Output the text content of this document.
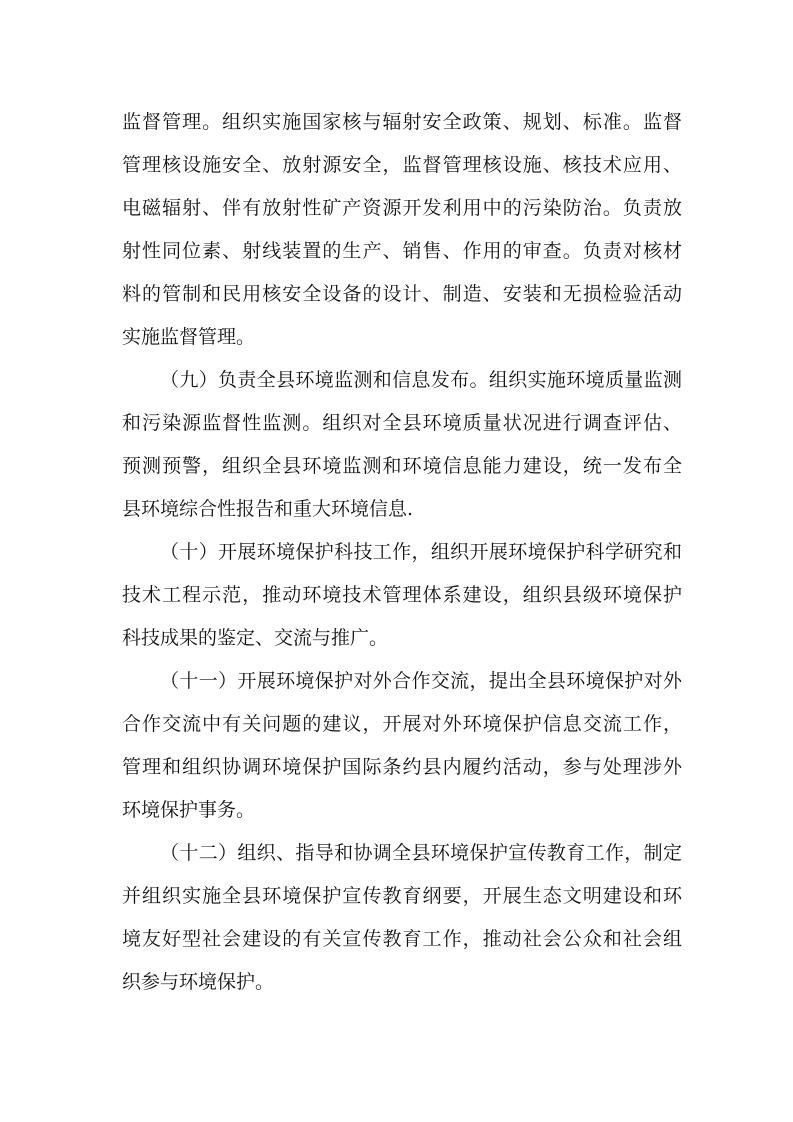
监督管理。组织实施国家核与辐射安全政策、规划、标准。监督
管理核设施安全、放射源安全，监督管理核设施、核技术应用、
电磁辐射、伴有放射性矿产资源开发利用中的污染防治。负责放
射性同位素、射线装置的生产、销售、作用的审查。负责对核材
料的管制和民用核安全设备的设计、制造、安装和无损检验活动
实施监督管理。
（九）负责全县环境监测和信息发布。组织实施环境质量监测
和污染源监督性监测。组织对全县环境质量状况进行调查评估、
预测预警，组织全县环境监测和环境信息能力建设，统一发布全
县环境综合性报告和重大环境信息.
（十）开展环境保护科技工作，组织开展环境保护科学研究和
技术工程示范，推动环境技术管理体系建设，组织县级环境保护
科技成果的鉴定、交流与推广。
（十一）开展环境保护对外合作交流，提出全县环境保护对外
合作交流中有关问题的建议，开展对外环境保护信息交流工作，
管理和组织协调环境保护国际条约县内履约活动，参与处理涉外
环境保护事务。
（十二）组织、指导和协调全县环境保护宣传教育工作，制定
并组织实施全县环境保护宣传教育纲要，开展生态文明建设和环
境友好型社会建设的有关宣传教育工作，推动社会公众和社会组
织参与环境保护。
